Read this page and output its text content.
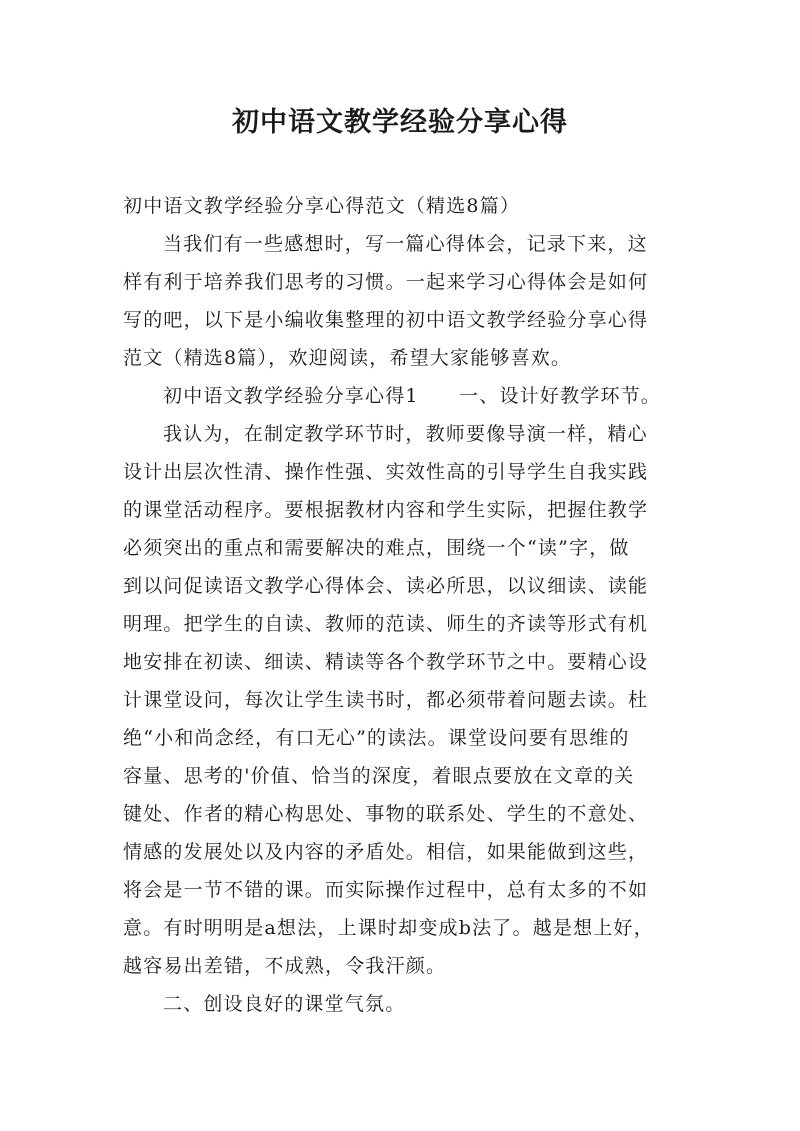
初中语文教学经验分享心得
初中语文教学经验分享心得范文（精选8篇）
当我们有一些感想时，写一篇心得体会，记录下来，这
样有利于培养我们思考的习惯。一起来学习心得体会是如何
写的吧，以下是小编收集整理的初中语文教学经验分享心得
范文（精选8篇），欢迎阅读，希望大家能够喜欢。
初中语文教学经验分享心得1　　一、设计好教学环节。
我认为，在制定教学环节时，教师要像导演一样，精心
设计出层次性清、操作性强、实效性高的引导学生自我实践
的课堂活动程序。要根据教材内容和学生实际，把握住教学
必须突出的重点和需要解决的难点，围绕一个“读”字，做
到以问促读语文教学心得体会、读必所思，以议细读、读能
明理。把学生的自读、教师的范读、师生的齐读等形式有机
地安排在初读、细读、精读等各个教学环节之中。要精心设
计课堂设问，每次让学生读书时，都必须带着问题去读。杜
绝“小和尚念经，有口无心”的读法。课堂设问要有思维的
容量、思考的'价值、恰当的深度，着眼点要放在文章的关
键处、作者的精心构思处、事物的联系处、学生的不意处、
情感的发展处以及内容的矛盾处。相信，如果能做到这些，
将会是一节不错的课。而实际操作过程中，总有太多的不如
意。有时明明是a想法，上课时却变成b法了。越是想上好，
越容易出差错，不成熟，令我汗颜。
二、创设良好的课堂气氛。
